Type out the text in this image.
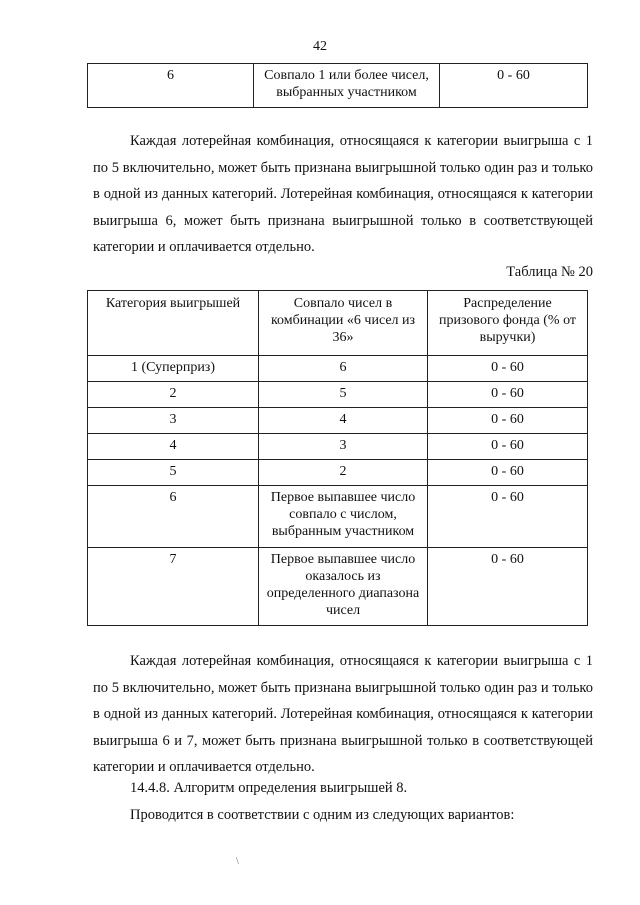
42
6	Совпало 1 или более чисел, выбранных участником	0 - 60
Каждая лотерейная комбинация, относящаяся к категории выигрыша с 1 по 5 включительно, может быть признана выигрышной только один раз и только в одной из данных категорий. Лотерейная комбинация, относящаяся к категории выигрыша 6, может быть признана выигрышной только в соответствующей категории и оплачивается отдельно.
Таблица № 20
Категория выигрышей	Совпало чисел в комбинации «6 чисел из 36»	Распределение призового фонда (% от выручки)
1 (Суперприз)	6	0 - 60
2	5	0 - 60
3	4	0 - 60
4	3	0 - 60
5	2	0 - 60
6	Первое выпавшее число совпало с числом, выбранным участником	0 - 60
7	Первое выпавшее число оказалось из определенного диапазона чисел	0 - 60
Каждая лотерейная комбинация, относящаяся к категории выигрыша с 1 по 5 включительно, может быть признана выигрышной только один раз и только в одной из данных категорий. Лотерейная комбинация, относящаяся к категории выигрыша 6 и 7, может быть признана выигрышной только в соответствующей категории и оплачивается отдельно.
14.4.8. Алгоритм определения выигрышей 8.
Проводится в соответствии с одним из следующих вариантов:
\
